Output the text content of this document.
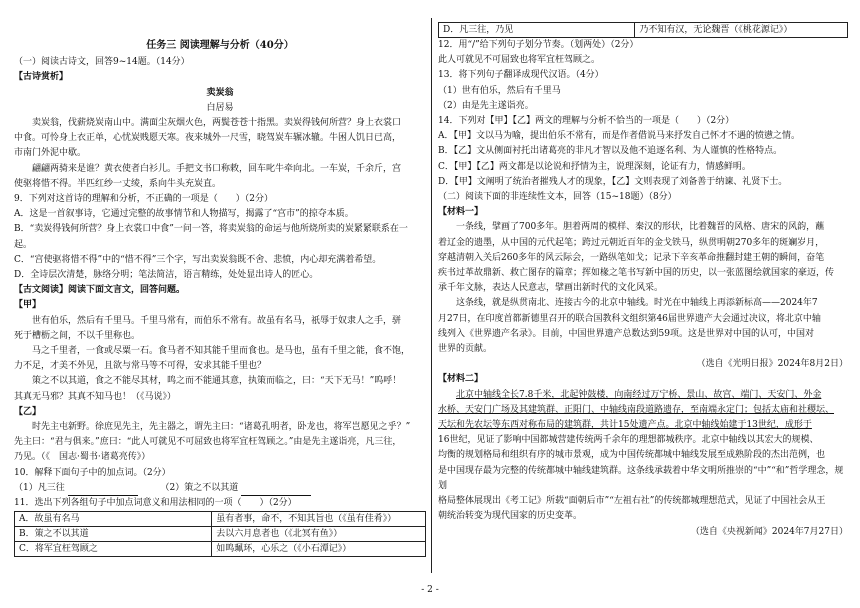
任务三 阅读理解与分析（40分）

（一）阅读古诗文，回答9~14题。（14分）

【古诗赏析】

卖炭翁
白居易

卖炭翁，伐薪烧炭南山中。满面尘灰烟火色，两鬓苍苍十指黑。卖炭得钱何所营？身上衣裳口

中食。可怜身上衣正单，心忧炭贱愿天寒。夜来城外一尺雪，晓驾炭车辗冰辙。牛困人饥日已高，

市南门外泥中歇。

翩翩两骑来是谁？黄衣使者白衫儿。手把文书口称敕，回车叱牛牵向北。一车炭，千余斤，宫

使驱将惜不得。半匹红纱一丈绫，系向牛头充炭直。

9．下列对这首诗的理解和分析，不正确的一项是（　　）（2分）

A．这是一首叙事诗，它通过完整的故事情节和人物描写，揭露了“宫市”的掠夺本质。

B．“卖炭得钱何所营？身上衣裳口中食”一问一答，将卖炭翁的命运与他所烧所卖的炭紧紧联系在一

起。

C．“宫使驱将惜不得”中的“惜不得”三个字，写出卖炭翁既不舍、悲愤，内心却充满着希望。

D．全诗层次清楚，脉络分明；笔法简洁，语言精练，处处显出诗人的匠心。

【古文阅读】阅读下面文言文，回答问题。

【甲】

世有伯乐，然后有千里马。千里马常有，而伯乐不常有。故虽有名马，祇辱于奴隶人之手，骈

死于槽枥之间，不以千里称也。

马之千里者，一食或尽粟一石。食马者不知其能千里而食也。是马也，虽有千里之能，食不饱，

力不足，才美不外见，且欲与常马等不可得，安求其能千里也？

策之不以其道，食之不能尽其材，鸣之而不能通其意，执策而临之，曰：“天下无马！”呜呼！

其真无马邪？其真不知马也！（《马说》）

【乙】

时先主屯新野。徐庶见先主，先主器之，谓先主曰：“诸葛孔明者，卧龙也，将军岂愿见之乎？”

先主曰：“君与俱来。”庶曰：“此人可就见不可屈致也将军宜枉驾顾之。”由是先主遂诣亮，凡三往，

乃见。（《　国志·蜀书·诸葛亮传》）

10．解释下面句子中的加点词。（2分）

（1）凡三往	（2）策之不以其道

11．选出下列各组句子中加点词意义和用法相同的一项（　　）（2分）

A．故虽有名马	虽有者事，命不，不知其旨也（《虽有佳肴》）
B．策之不以其道	去以六月息者也（《北冥有鱼》）
C．将军宜枉驾顾之	如鸣珮环，心乐之（《小石潭记》）
D．凡三往，乃见	乃不知有汉，无论魏晋（《桃花源记》）

12．用“/”给下列句子划分节奏。（划两处）（2分）

此人可就见不可屈致也将军宜枉驾顾之。

13．将下列句子翻译成现代汉语。（4分）

（1）世有伯乐，然后有千里马

（2）由是先主遂诣亮。

14．下列对【甲】【乙】两文的理解与分析不恰当的一项是（　　）（2分）

A．【甲】文以马为喻，提出伯乐不常有，而是作者借说马来抒发自己怀才不遇的愤懑之情。

B．【乙】文从侧面衬托出诸葛亮的非凡才智以及他不追逐名利、为人谨慎的性格特点。

C．【甲】【乙】两文都是以论说和抒情为主，说理深刻，论证有力，情感鲜明。

D．【甲】文阐明了统治者摧残人才的现象，【乙】文则表现了刘备善于纳谏、礼贤下士。

（二）阅读下面的非连续性文本，回答（15~18题）（8分）

【材料一】

一条线，擘画了700多年。胆着两周的模样、秦汉的形状，比着魏晋的风格、唐宋的风韵，蘸

着辽金的遗墨，从中国的元代起笔；跨过元朝近百年的金戈铁马，纵贯明朝270多年的斑斓岁月，

穿越清朝入关后260多年的风云际会，一路纵笔如戈；记录下辛亥革命推翻封建王朝的瞬间，奋笔

疾书过革故鼎新、救亡图存的篇章；挥如椽之笔书写新中国的历史，以一张蓝图绘就国家的豪迈，传

承千年文脉，表达人民意志，擘画出新时代的文化风采。

这条线，就是纵贯南北、连接古今的北京中轴线。时光在中轴线上再添新标高——2024年7

月27日，在印度首都新德里召开的联合国教科文组织第46届世界遗产大会通过决议，将北京中轴

线列入《世界遗产名录》。目前，中国世界遗产总数达到59项。这是世界对中国的认可，中国对

世界的贡献。

（选自《光明日报》2024年8月2日）

【材料二】

北京中轴线全长7.8千米，北起钟鼓楼，向南经过万宁桥、景山、故宫、端门、天安门、外金

水桥、天安门广场及其建筑群、正阳门、中轴线南段道路遗存，至南端永定门；包括太庙和社稷坛、

天坛和先农坛等东西对称布局的建筑群，共计15处遗产点。北京中轴线始建于13世纪，成形于

16世纪，见证了影响中国都城营建传统两千余年的理想都城秩序。北京中轴线以其宏大的规模、

均衡的规划格局和组织有序的城市景观，成为中国传统都城中轴线发展至成熟阶段的杰出范例，也

是中国现存最为完整的传统都城中轴线建筑群。这条线承载着中华文明所推崇的“中”“和”哲学理念，规划

格局整体展现出《考工记》所载“面朝后市”“左祖右社”的传统都城理想范式，见证了中国社会从王

朝统治转变为现代国家的历史变革。

（选自《央视新闻》2024年7月27日）

- 2 -
